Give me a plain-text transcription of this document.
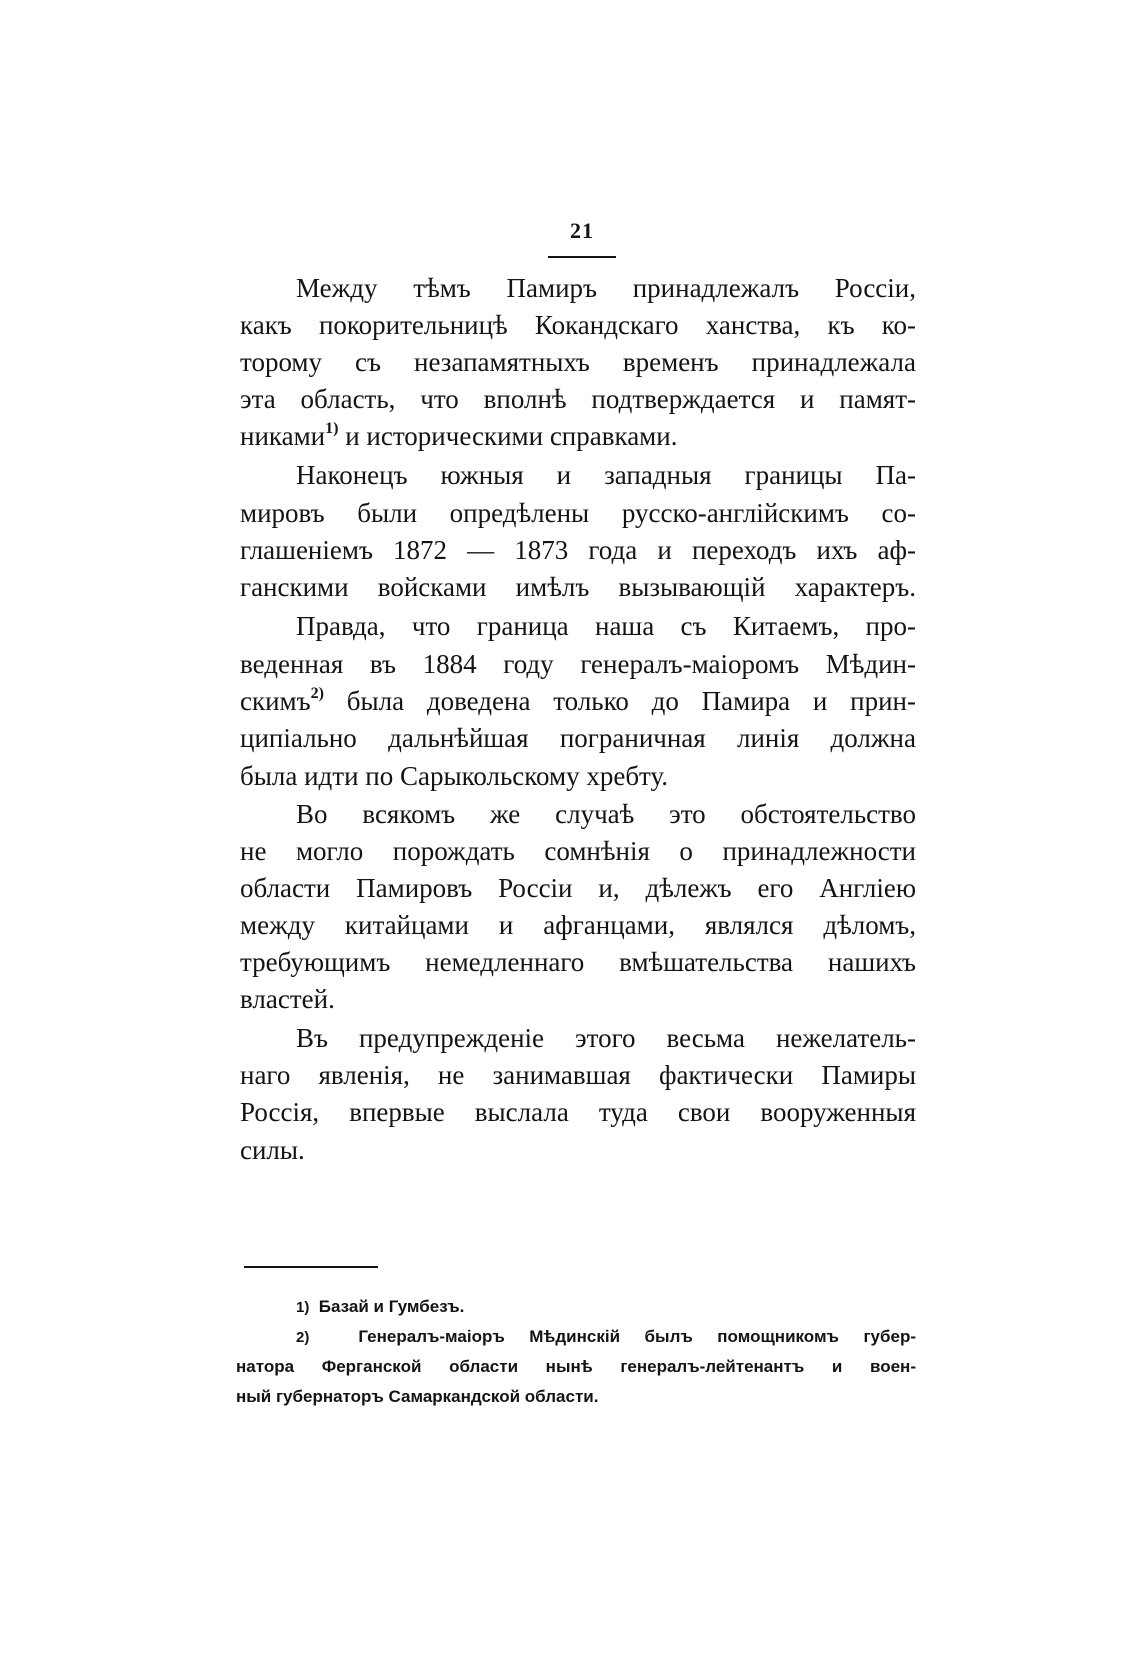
21
Между тѣмъ Памиръ принадлежалъ Россіи,
какъ покорительницѣ Кокандскаго ханства, къ ко-
торому съ незапамятныхъ временъ принадлежала
эта область, что вполнѣ подтверждается и памят-
никами$^{1)}$ и историческими справками.
Наконецъ южныя и западныя границы Па-
мировъ были опредѣлены русско-англійскимъ со-
глашеніемъ 1872 — 1873 года и переходъ ихъ аф-
ганскими войсками имѣлъ вызывающій характеръ.
Правда, что граница наша съ Китаемъ, про-
веденная въ 1884 году генералъ-маіоромъ Мѣдин-
скимъ$^{2)}$ была доведена только до Памира и прин-
ципіально дальнѣйшая пограничная линія должна
была идти по Сарыкольскому хребту.
Во всякомъ же случаѣ это обстоятельство
не могло порождать сомнѣнія о принадлежности
области Памировъ Россіи и, дѣлежъ его Англіею
между китайцами и афганцами, являлся дѣломъ,
требующимъ немедленнаго вмѣшательства нашихъ
властей.
Въ предупрежденіе этого весьма нежелатель-
наго явленія, не занимавшая фактически Памиры
Россія, впервые выслала туда свои вооруженныя
силы.
1) Базай и Гумбезъ.
2)	Генералъ-маіоръ Мѣдинскій былъ помощникомъ губер-
натора Ферганской области нынѣ генералъ-лейтенантъ и воен-
ный губернаторъ Самаркандской области.
